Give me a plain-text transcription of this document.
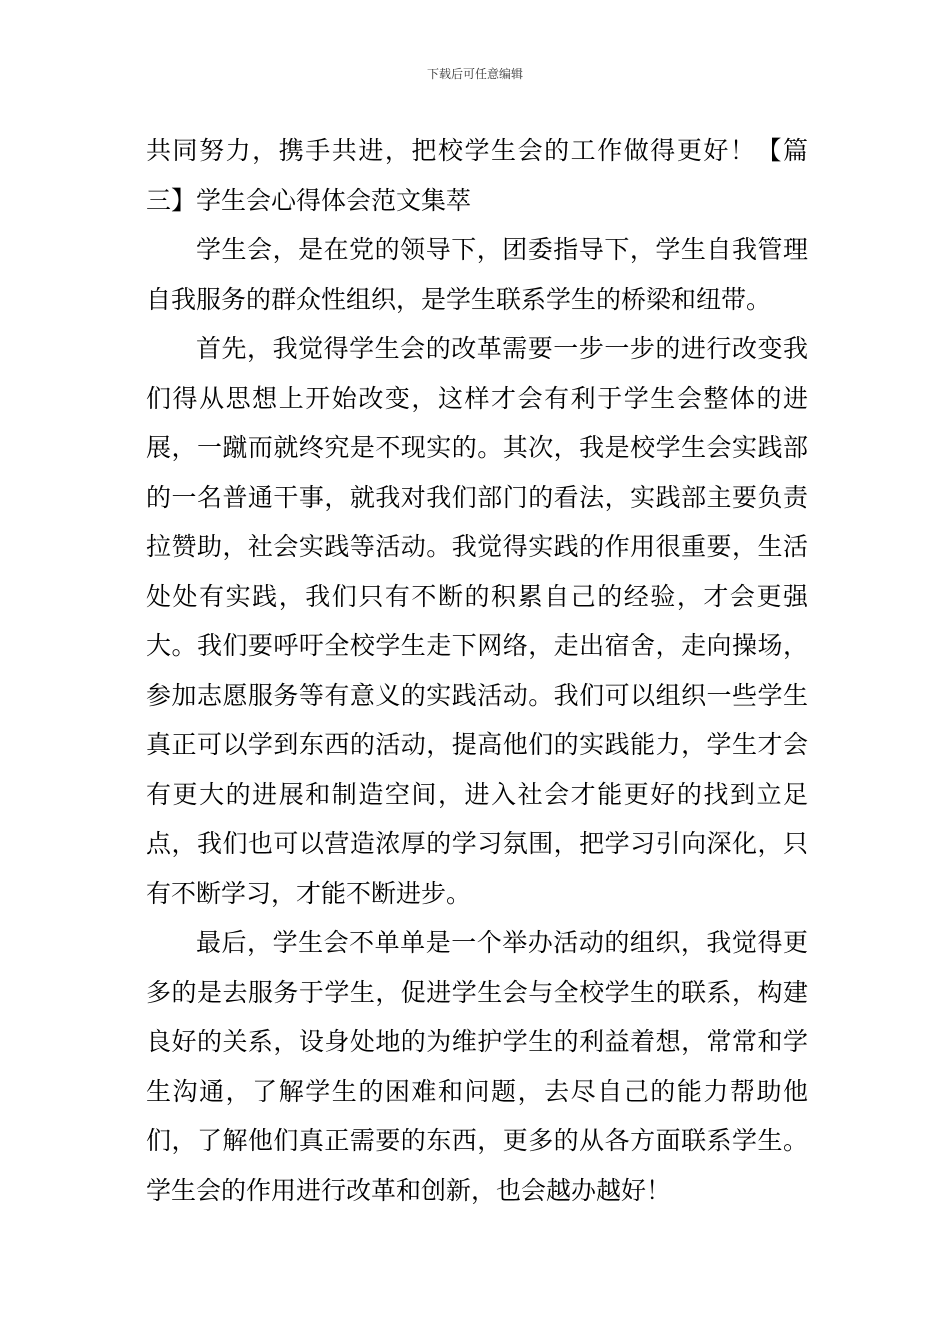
下载后可任意编辑

共同努力，携手共进，把校学生会的工作做得更好！【篇三】学生会心得体会范文集萃

学生会，是在党的领导下，团委指导下，学生自我管理自我服务的群众性组织，是学生联系学生的桥梁和纽带。

首先，我觉得学生会的改革需要一步一步的进行改变我们得从思想上开始改变，这样才会有利于学生会整体的进展，一蹴而就终究是不现实的。其次，我是校学生会实践部的一名普通干事，就我对我们部门的看法，实践部主要负责拉赞助，社会实践等活动。我觉得实践的作用很重要，生活处处有实践，我们只有不断的积累自己的经验，才会更强大。我们要呼吁全校学生走下网络，走出宿舍，走向操场，参加志愿服务等有意义的实践活动。我们可以组织一些学生真正可以学到东西的活动，提高他们的实践能力，学生才会有更大的进展和制造空间，进入社会才能更好的找到立足点，我们也可以营造浓厚的学习氛围，把学习引向深化，只有不断学习，才能不断进步。

最后，学生会不单单是一个举办活动的组织，我觉得更多的是去服务于学生，促进学生会与全校学生的联系，构建良好的关系，设身处地的为维护学生的利益着想，常常和学生沟通，了解学生的困难和问题，去尽自己的能力帮助他们，了解他们真正需要的东西，更多的从各方面联系学生。学生会的作用进行改革和创新，也会越办越好！
